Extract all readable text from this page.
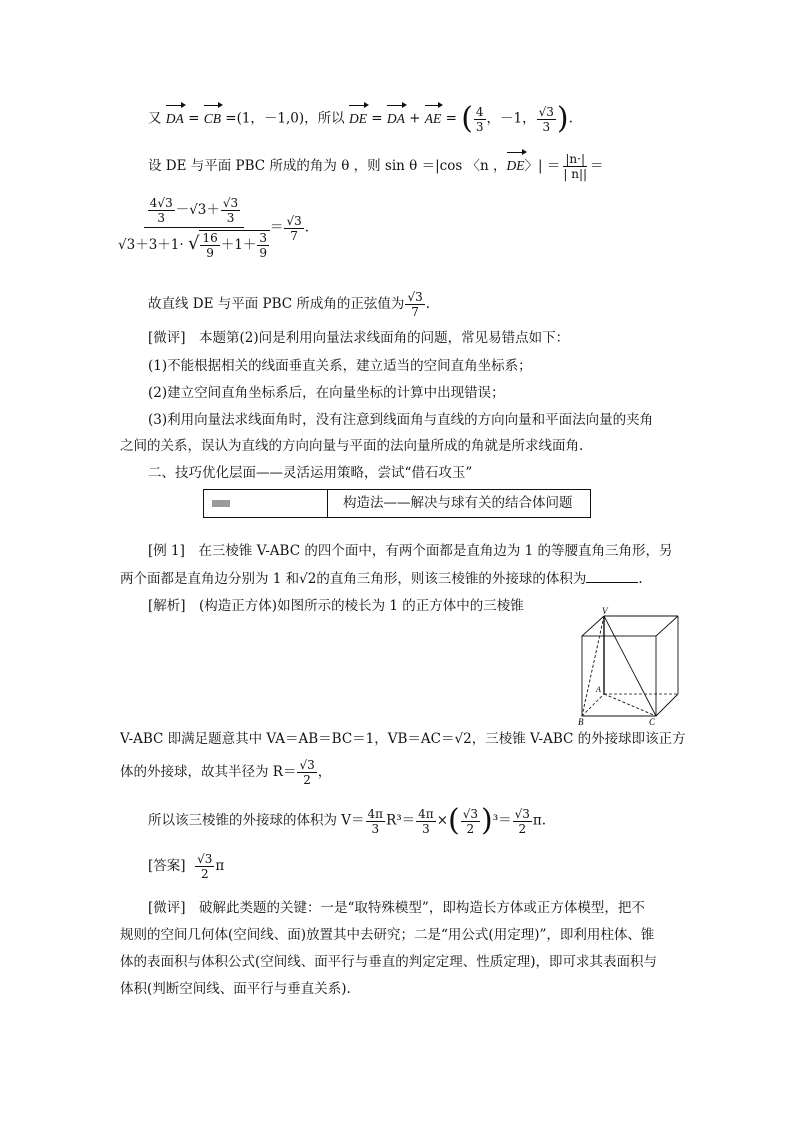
又 DA = CB =(1，－1,0)，所以 DE = DA + AE = ( $\frac{4}{3}$ ，－1， $\frac{√3}{3}$ ).
设 DE 与平面 PBC 所成的角为 θ ，则 sin θ ＝|cos 〈n ，DE〉| ＝ $\frac{|n\cdot|}{| n||}$ ＝
$\frac{\frac{4√3}{3} -√3+ \frac{√3}{3}}{√3+3+1\cdot √ \frac{16}{9} +1+ \frac{3}{9}} = \frac{√3}{7}$ .
故直线 DE 与平面 PBC 所成角的正弦值为 $\frac{√3}{7}$ .
[微评]　本题第(2)问是利用向量法求线面角的问题，常见易错点如下：
(1)不能根据相关的线面垂直关系，建立适当的空间直角坐标系；
(2)建立空间直角坐标系后，在向量坐标的计算中出现错误；
(3)利用向量法求线面角时，没有注意到线面角与直线的方向向量和平面法向量的夹角
之间的关系，误认为直线的方向向量与平面的法向量所成的角就是所求线面角.
二、技巧优化层面——灵活运用策略，尝试“借石攻玉”
构造法——解决与球有关的结合体问题
[例 1]　在三棱锥 V-ABC 的四个面中，有两个面都是直角边为 1 的等腰直角三角形，另
两个面都是直角边分别为 1 和√2的直角三角形，则该三棱锥的外接球的体积为	.
[解析]　(构造正方体)如图所示的棱长为 1 的正方体中的三棱锥	V
A
B	C
V-ABC 即满足题意其中 VA＝AB＝BC＝1，VB＝AC＝√2，三棱锥 V-ABC 的外接球即该正方
体的外接球，故其半径为 $R= \frac{√3}{2}$ ，
所以该三棱锥的外接球的体积为 $V= \frac{4\pi}{3} R^3= \frac{4\pi}{3}$ ×( $\frac{√3}{2} )^3= \frac{√3}{2} \pi$.
[答案] $\frac{√3}{2}$ π
[微评]　破解此类题的关键：一是“取特殊模型”，即构造长方体或正方体模型，把不
规则的空间几何体(空间线、面)放置其中去研究；二是“用公式(用定理)”，即利用柱体、锥
体的表面积与体积公式(空间线、面平行与垂直的判定定理、性质定理)，即可求其表面积与
体积(判断空间线、面平行与垂直关系).
